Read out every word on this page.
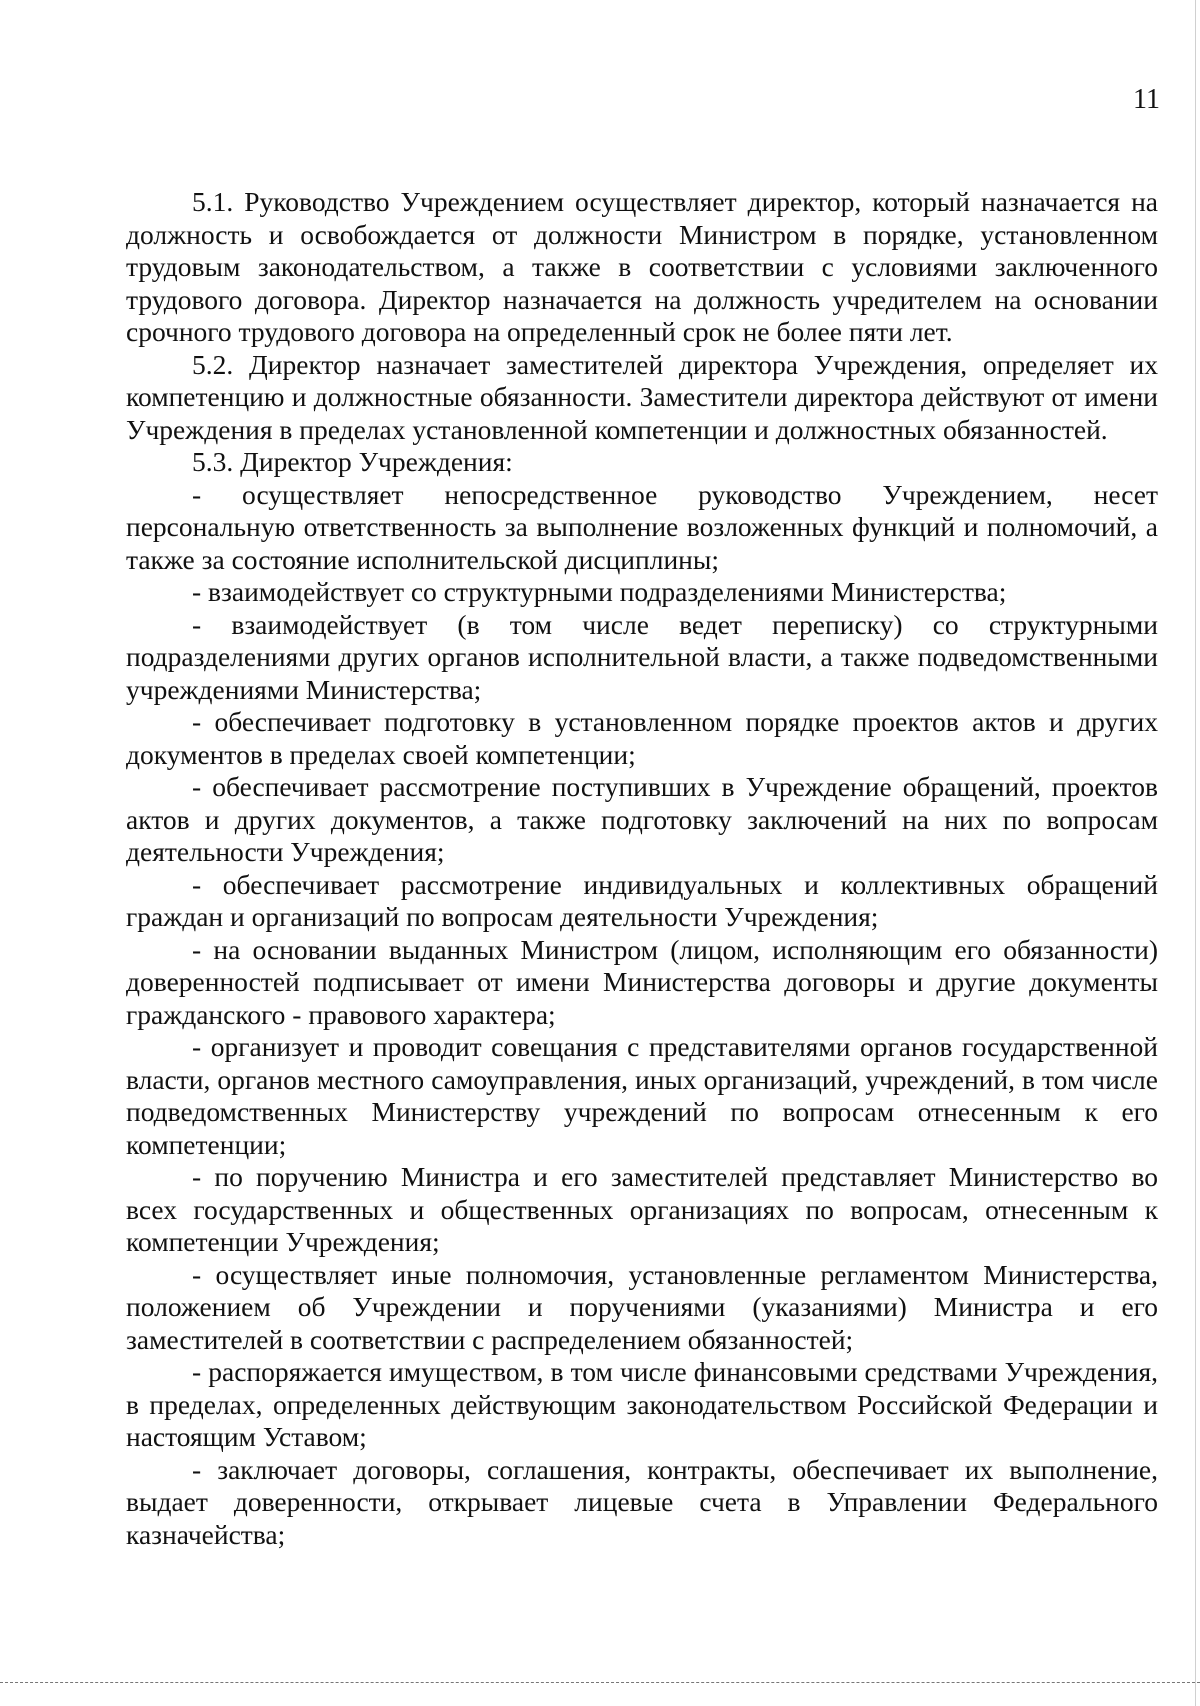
11

5.1. Руководство Учреждением осуществляет директор, который назначается на должность и освобождается от должности Министром в порядке, установленном трудовым законодательством, а также в соответствии с условиями заключенного трудового договора. Директор назначается на должность учредителем на основании срочного трудового договора на определенный срок не более пяти лет.

5.2. Директор назначает заместителей директора Учреждения, определяет их компетенцию и должностные обязанности. Заместители директора действуют от имени Учреждения в пределах установленной компетенции и должностных обязанностей.

5.3. Директор Учреждения:

- осуществляет непосредственное руководство Учреждением, несет персональную ответственность за выполнение возложенных функций и полномочий, а также за состояние исполнительской дисциплины;

- взаимодействует со структурными подразделениями Министерства;

- взаимодействует (в том числе ведет переписку) со структурными подразделениями других органов исполнительной власти, а также подведомственными учреждениями Министерства;

- обеспечивает подготовку в установленном порядке проектов актов и других документов в пределах своей компетенции;

- обеспечивает рассмотрение поступивших в Учреждение обращений, проектов актов и других документов, а также подготовку заключений на них по вопросам деятельности Учреждения;

- обеспечивает рассмотрение индивидуальных и коллективных обращений граждан и организаций по вопросам деятельности Учреждения;

- на основании выданных Министром (лицом, исполняющим его обязанности) доверенностей подписывает от имени Министерства договоры и другие документы гражданского - правового характера;

- организует и проводит совещания с представителями органов государственной власти, органов местного самоуправления, иных организаций, учреждений, в том числе подведомственных Министерству учреждений по вопросам отнесенным к его компетенции;

- по поручению Министра и его заместителей представляет Министерство во всех государственных и общественных организациях по вопросам, отнесенным к компетенции Учреждения;

- осуществляет иные полномочия, установленные регламентом Министерства, положением об Учреждении и поручениями (указаниями) Министра и его заместителей в соответствии с распределением обязанностей;

- распоряжается имуществом, в том числе финансовыми средствами Учреждения, в пределах, определенных действующим законодательством Российской Федерации и настоящим Уставом;

- заключает договоры, соглашения, контракты, обеспечивает их выполнение, выдает доверенности, открывает лицевые счета в Управлении Федерального казначейства;
